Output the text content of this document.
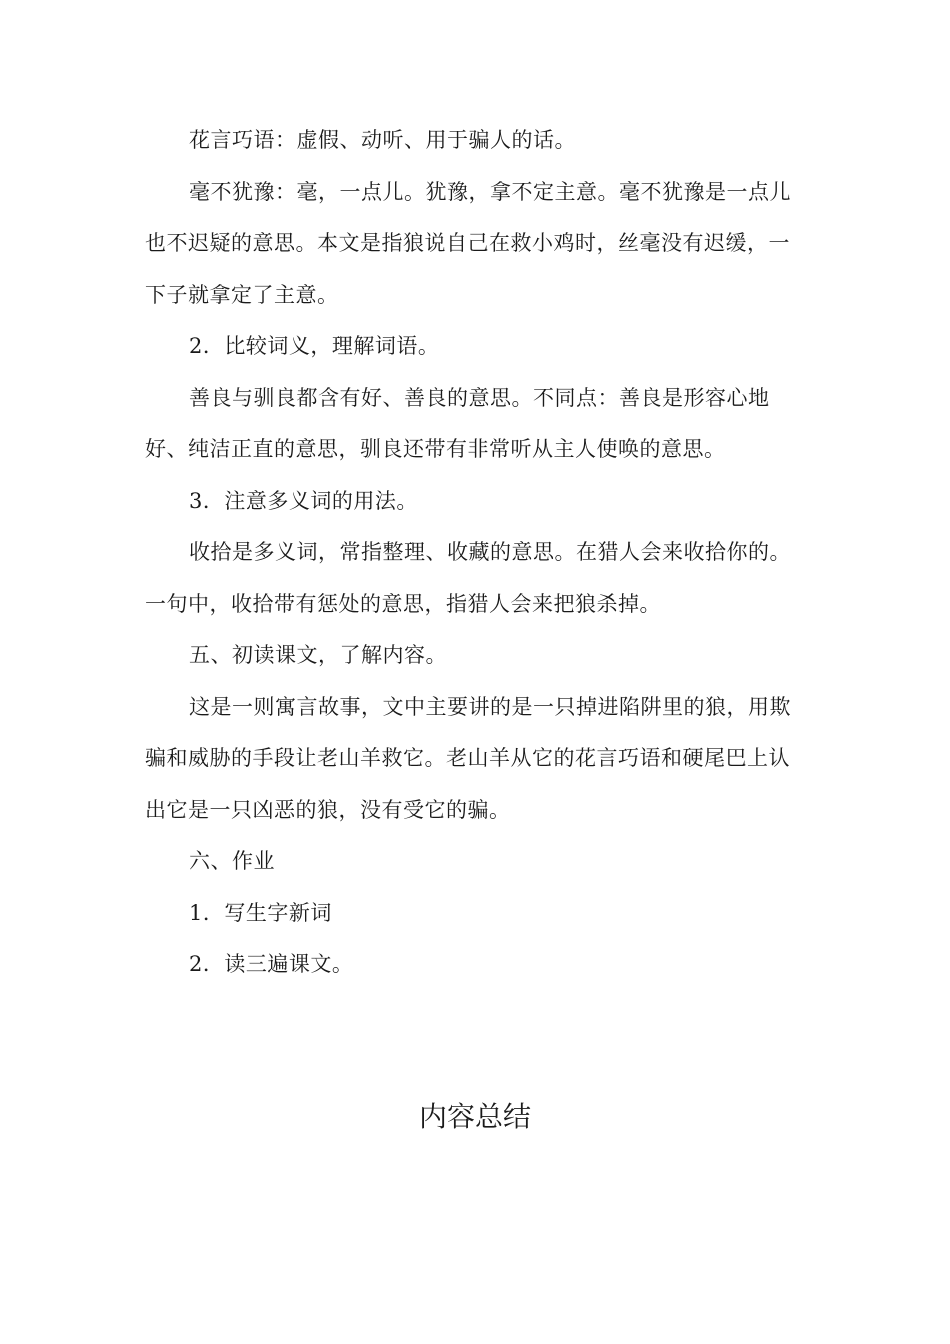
花言巧语：虚假、动听、用于骗人的话。

毫不犹豫：毫，一点儿。犹豫，拿不定主意。毫不犹豫是一点儿也不迟疑的意思。本文是指狼说自己在救小鸡时，丝毫没有迟缓，一下子就拿定了主意。

2．比较词义，理解词语。

善良与驯良都含有好、善良的意思。不同点：善良是形容心地好、纯洁正直的意思，驯良还带有非常听从主人使唤的意思。

3．注意多义词的用法。

收拾是多义词，常指整理、收藏的意思。在猎人会来收拾你的。一句中，收拾带有惩处的意思，指猎人会来把狼杀掉。

五、初读课文，了解内容。

这是一则寓言故事，文中主要讲的是一只掉进陷阱里的狼，用欺骗和威胁的手段让老山羊救它。老山羊从它的花言巧语和硬尾巴上认出它是一只凶恶的狼，没有受它的骗。

六、作业

1．写生字新词

2．读三遍课文。

内容总结
